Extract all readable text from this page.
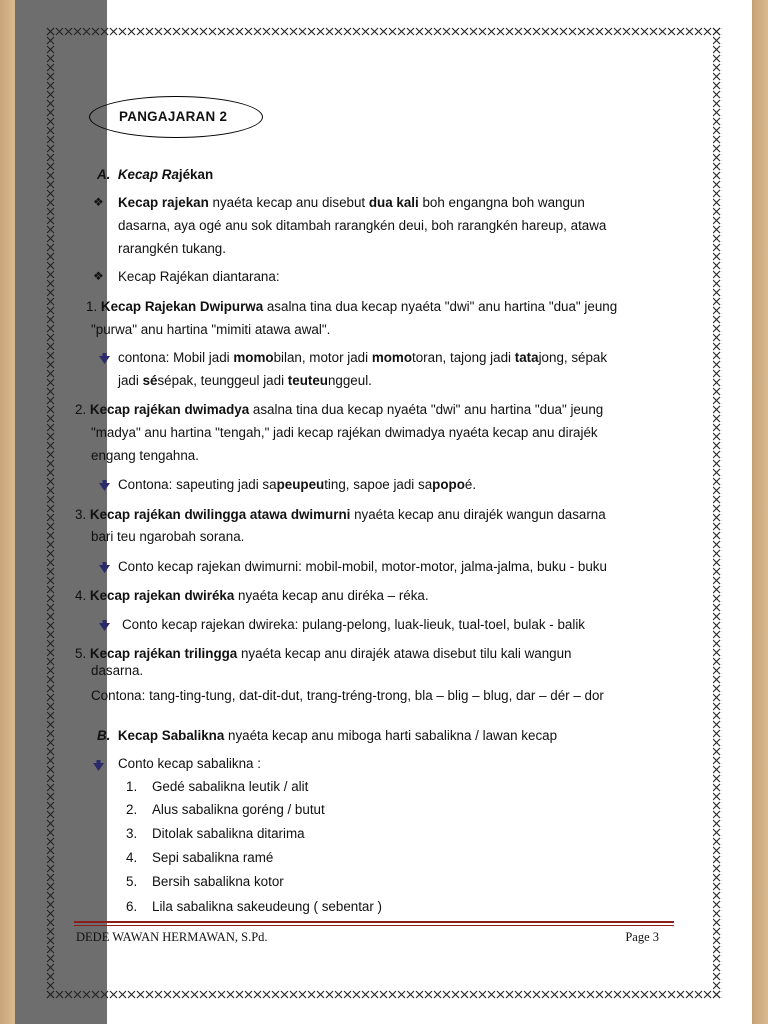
PANGAJARAN 2
A. Kecap Rajékan
❖ Kecap rajekan nyaéta kecap anu disebut dua kali boh engangna boh wangun
dasarna, aya ogé anu sok ditambah rarangkén deui, boh rarangkén hareup, atawa
rarangkén tukang.
❖ Kecap Rajékan diantarana:
1. Kecap Rajekan Dwipurwa asalna tina dua kecap nyaéta "dwi" anu hartina "dua" jeung
"purwa" anu hartina "mimiti atawa awal".
contona: Mobil jadi momobilan, motor jadi momotoran, tajong jadi tatajong, sépak
jadi sésépak, teunggeul jadi teuteunggeul.
2. Kecap rajékan dwimadya asalna tina dua kecap nyaéta "dwi" anu hartina "dua" jeung
"madya" anu hartina "tengah," jadi kecap rajékan dwimadya nyaéta kecap anu dirajék
engang tengahna.
Contona: sapeuting jadi sapeupeuting, sapoe jadi sapopoé.
3. Kecap rajékan dwilingga atawa dwimurni nyaéta kecap anu dirajék wangun dasarna
bari teu ngarobah sorana.
Conto kecap rajekan dwimurni: mobil-mobil, motor-motor, jalma-jalma, buku - buku
4. Kecap rajekan dwiréka nyaéta kecap anu diréka – réka.
Conto kecap rajekan dwireka: pulang-pelong, luak-lieuk, tual-toel, bulak - balik
5. Kecap rajékan trilingga nyaéta kecap anu dirajék atawa disebut tilu kali wangun
dasarna.
Contona: tang-ting-tung, dat-dit-dut, trang-tréng-trong, bla – blig – blug, dar – dér – dor
B. Kecap Sabalikna nyaéta kecap anu miboga harti sabalikna / lawan kecap
Conto kecap sabalikna :
1. Gedé sabalikna leutik / alit
2. Alus sabalikna goréng / butut
3. Ditolak sabalikna ditarima
4. Sepi sabalikna ramé
5. Bersih sabalikna kotor
6. Lila sabalikna sakeudeung ( sebentar )
DEDE WAWAN HERMAWAN, S.Pd.	Page 3
